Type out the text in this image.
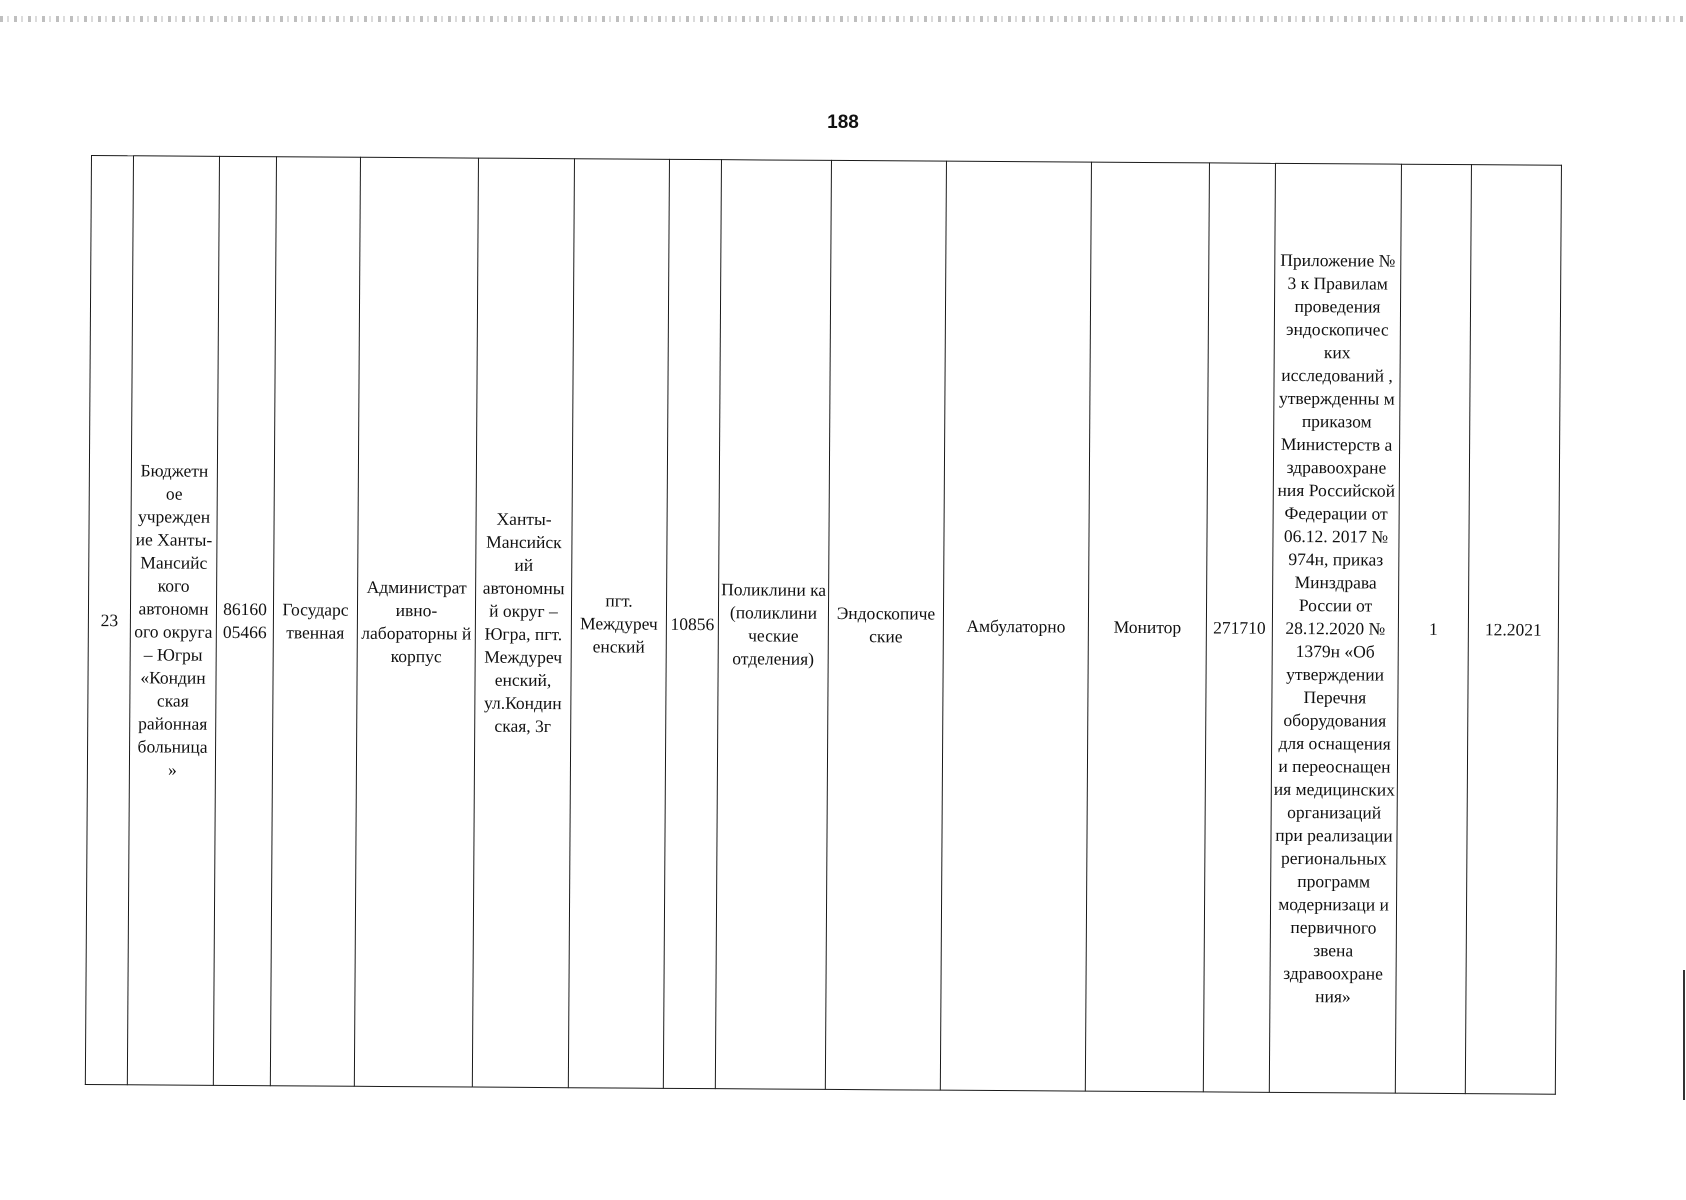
188
23	Бюджетн ое учрежден ие Ханты-Мансийс кого автономн ого округа – Югры «Кондин ская районная больница »	86160 05466	Государс твенная	Администрат ивно-лабораторны й корпус	Ханты-Мансийск ий автономны й округ – Югра, пгт. Междуреч енский, ул.Кондин ская, 3г	пгт. Междуреч енский	10856	Поликлини ка (поликлини ческие отделения)	Эндоскопиче ские	Амбулаторно	Монитор	271710	Приложение № 3 к Правилам проведения эндоскопичес ких исследований , утвержденны м приказом Министерств а здравоохране ния Российской Федерации от 06.12. 2017 № 974н, приказ Минздрава России от 28.12.2020 № 1379н «Об утверждении Перечня оборудования для оснащения и переоснащен ия медицинских организаций при реализации региональных программ модернизаци и первичного звена здравоохране ния»	1	12.2021
